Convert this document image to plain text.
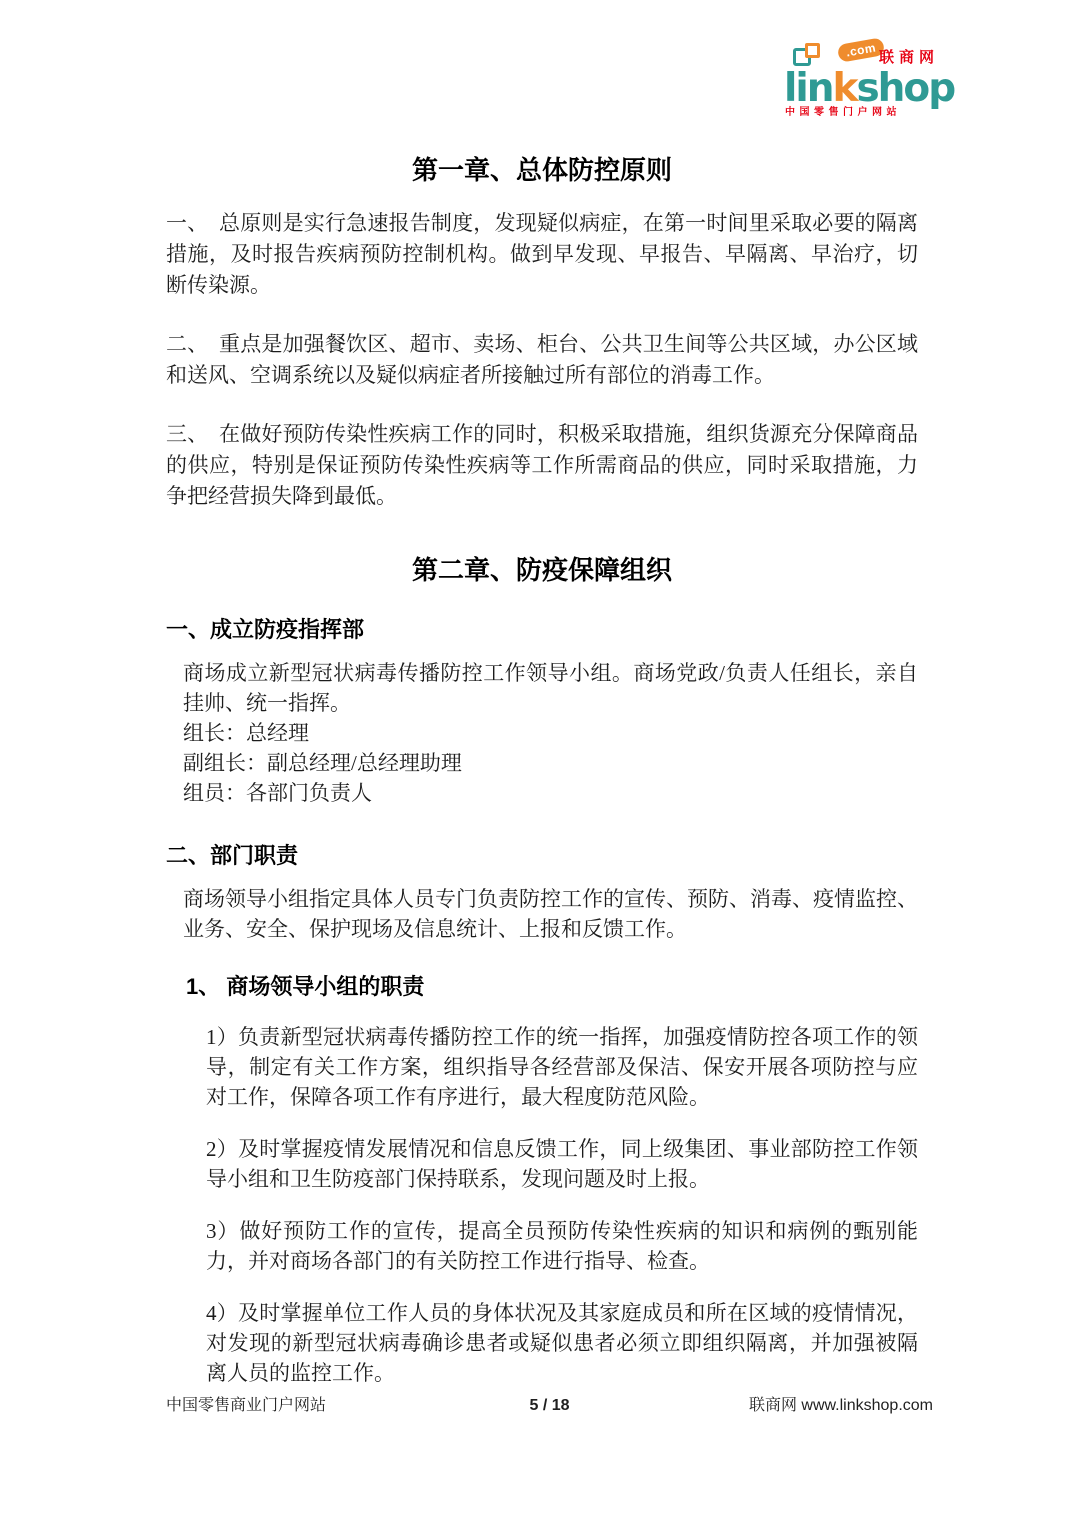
.com 联商网
linkshop
中国零售门户网站
第一章、总体防控原则

一、　总原则是实行急速报告制度，发现疑似病症，在第一时间里采取必要的隔离措施，及时报告疾病预防控制机构。做到早发现、早报告、早隔离、早治疗，切断传染源。

二、　重点是加强餐饮区、超市、卖场、柜台、公共卫生间等公共区域，办公区域和送风、空调系统以及疑似病症者所接触过所有部位的消毒工作。

三、　在做好预防传染性疾病工作的同时，积极采取措施，组织货源充分保障商品的供应，特别是保证预防传染性疾病等工作所需商品的供应，同时采取措施，力争把经营损失降到最低。

第二章、防疫保障组织
一、成立防疫指挥部

商场成立新型冠状病毒传播防控工作领导小组。商场党政/负责人任组长，亲自挂帅、统一指挥。

组长：总经理

副组长：副总经理/总经理助理

组员：各部门负责人

二、部门职责

商场领导小组指定具体人员专门负责防控工作的宣传、预防、消毒、疫情监控、业务、安全、保护现场及信息统计、上报和反馈工作。

1、 商场领导小组的职责

1）负责新型冠状病毒传播防控工作的统一指挥，加强疫情防控各项工作的领导，制定有关工作方案，组织指导各经营部及保洁、保安开展各项防控与应对工作，保障各项工作有序进行，最大程度防范风险。

2）及时掌握疫情发展情况和信息反馈工作，同上级集团、事业部防控工作领导小组和卫生防疫部门保持联系，发现问题及时上报。

3）做好预防工作的宣传，提高全员预防传染性疾病的知识和病例的甄别能力，并对商场各部门的有关防控工作进行指导、检查。

4）及时掌握单位工作人员的身体状况及其家庭成员和所在区域的疫情情况，对发现的新型冠状病毒确诊患者或疑似患者必须立即组织隔离，并加强被隔离人员的监控工作。

中国零售商业门户网站	5 / 18	联商网 www.linkshop.com
